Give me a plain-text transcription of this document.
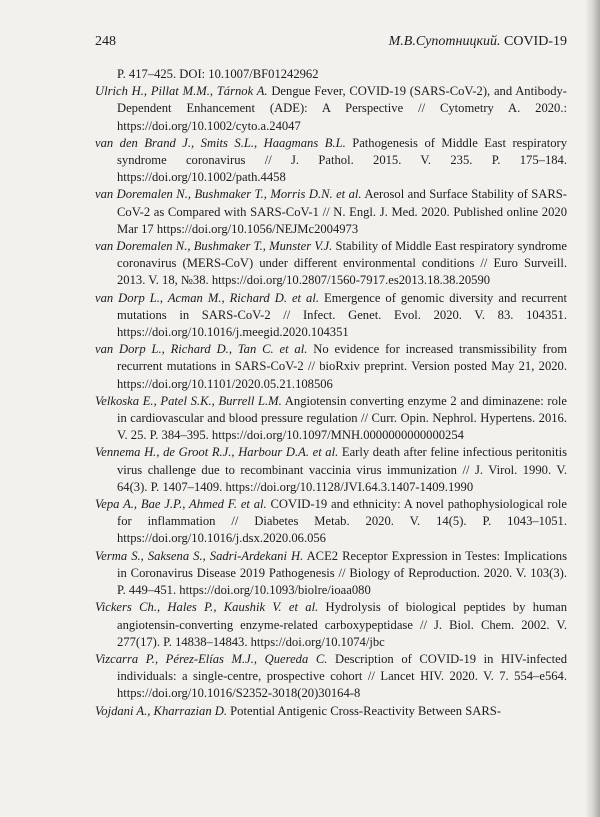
248	М.В.Супотницкий. COVID-19

P. 417–425. DOI: 10.1007/BF01242962

Ulrich H., Pillat M.M., Tárnok A. Dengue Fever, COVID-19 (SARS-CoV-2), and Antibody-Dependent Enhancement (ADE): A Perspective // Cytometry A. 2020.: https://doi.org/10.1002/cyto.a.24047

van den Brand J., Smits S.L., Haagmans B.L. Pathogenesis of Middle East respiratory syndrome coronavirus // J. Pathol. 2015. V. 235. P. 175–184. https://doi.org/10.1002/path.4458

van Doremalen N., Bushmaker T., Morris D.N. et al. Aerosol and Surface Stability of SARS-CoV-2 as Compared with SARS-CoV-1 // N. Engl. J. Med. 2020. Published online 2020 Mar 17 https://doi.org/10.1056/NEJMc2004973

van Doremalen N., Bushmaker T., Munster V.J. Stability of Middle East respiratory syndrome coronavirus (MERS-CoV) under different environmental conditions // Euro Surveill. 2013. V. 18, №38. https://doi.org/10.2807/1560-7917.es2013.18.38.20590

van Dorp L., Acman M., Richard D. et al. Emergence of genomic diversity and recurrent mutations in SARS-CoV-2 // Infect. Genet. Evol. 2020. V. 83. 104351. https://doi.org/10.1016/j.meegid.2020.104351

van Dorp L., Richard D., Tan C. et al. No evidence for increased transmissibility from recurrent mutations in SARS-CoV-2 // bioRxiv preprint. Version posted May 21, 2020. https://doi.org/10.1101/2020.05.21.108506

Velkoska E., Patel S.K., Burrell L.M. Angiotensin converting enzyme 2 and diminazene: role in cardiovascular and blood pressure regulation // Curr. Opin. Nephrol. Hypertens. 2016. V. 25. P. 384–395. https://doi.org/10.1097/MNH.0000000000000254

Vennema H., de Groot R.J., Harbour D.A. et al. Early death after feline infectious peritonitis virus challenge due to recombinant vaccinia virus immunization // J. Virol. 1990. V. 64(3). P. 1407–1409. https://doi.org/10.1128/JVI.64.3.1407-1409.1990

Vepa A., Bae J.P., Ahmed F. et al. COVID-19 and ethnicity: A novel pathophysiological role for inflammation // Diabetes Metab. 2020. V. 14(5). P. 1043–1051. https://doi.org/10.1016/j.dsx.2020.06.056

Verma S., Saksena S., Sadri-Ardekani H. ACE2 Receptor Expression in Testes: Implications in Coronavirus Disease 2019 Pathogenesis // Biology of Reproduction. 2020. V. 103(3). P. 449–451. https://doi.org/10.1093/biolre/ioaa080

Vickers Ch., Hales P., Kaushik V. et al. Hydrolysis of biological peptides by human angiotensin-converting enzyme-related carboxypeptidase // J. Biol. Chem. 2002. V. 277(17). P. 14838–14843. https://doi.org/10.1074/jbc

Vizcarra P., Pérez-Elías M.J., Quereda C. Description of COVID-19 in HIV-infected individuals: a single-centre, prospective cohort // Lancet HIV. 2020. V. 7. 554–e564. https://doi.org/10.1016/S2352-3018(20)30164-8

Vojdani A., Kharrazian D. Potential Antigenic Cross-Reactivity Between SARS-
